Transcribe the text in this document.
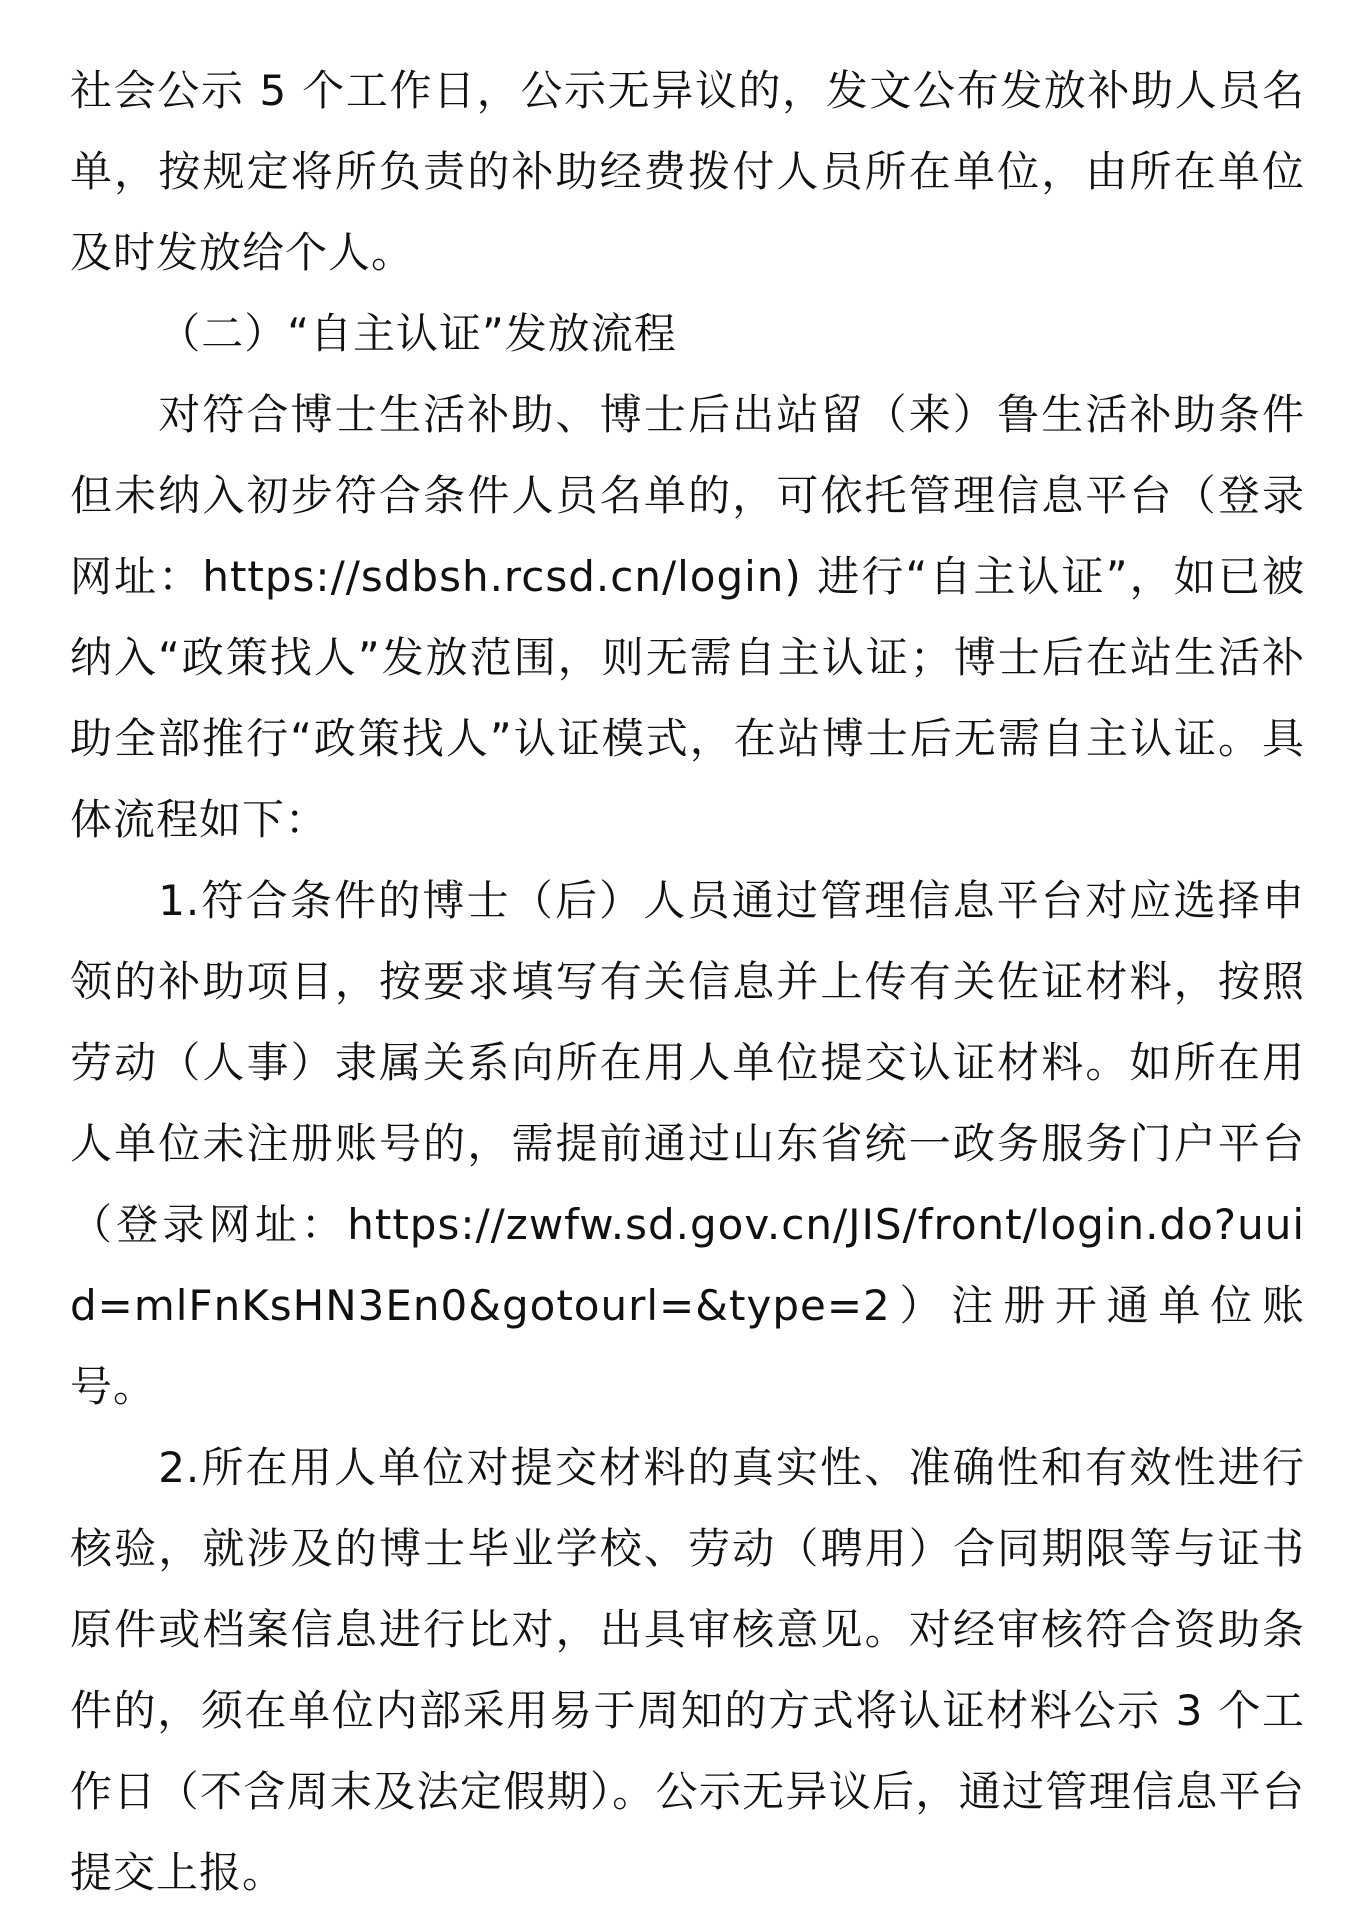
社会公示 5 个工作日，公示无异议的，发文公布发放补助人员名单，按规定将所负责的补助经费拨付人员所在单位，由所在单位及时发放给个人。

（二）“自主认证”发放流程

对符合博士生活补助、博士后出站留（来）鲁生活补助条件但未纳入初步符合条件人员名单的，可依托管理信息平台（登录网址：https://sdbsh.rcsd.cn/login) 进行“自主认证”，如已被纳入“政策找人”发放范围，则无需自主认证；博士后在站生活补助全部推行“政策找人”认证模式，在站博士后无需自主认证。具体流程如下：

1.符合条件的博士（后）人员通过管理信息平台对应选择申领的补助项目，按要求填写有关信息并上传有关佐证材料，按照劳动（人事）隶属关系向所在用人单位提交认证材料。如所在用人单位未注册账号的，需提前通过山东省统一政务服务门户平台（登录网址：https://zwfw.sd.gov.cn/JIS/front/login.do?uuid=mlFnKsHN3En0&gotourl=&type=2）注册开通单位账号。

2.所在用人单位对提交材料的真实性、准确性和有效性进行核验，就涉及的博士毕业学校、劳动（聘用）合同期限等与证书原件或档案信息进行比对，出具审核意见。对经审核符合资助条件的，须在单位内部采用易于周知的方式将认证材料公示 3 个工作日（不含周末及法定假期）。公示无异议后，通过管理信息平台提交上报。
